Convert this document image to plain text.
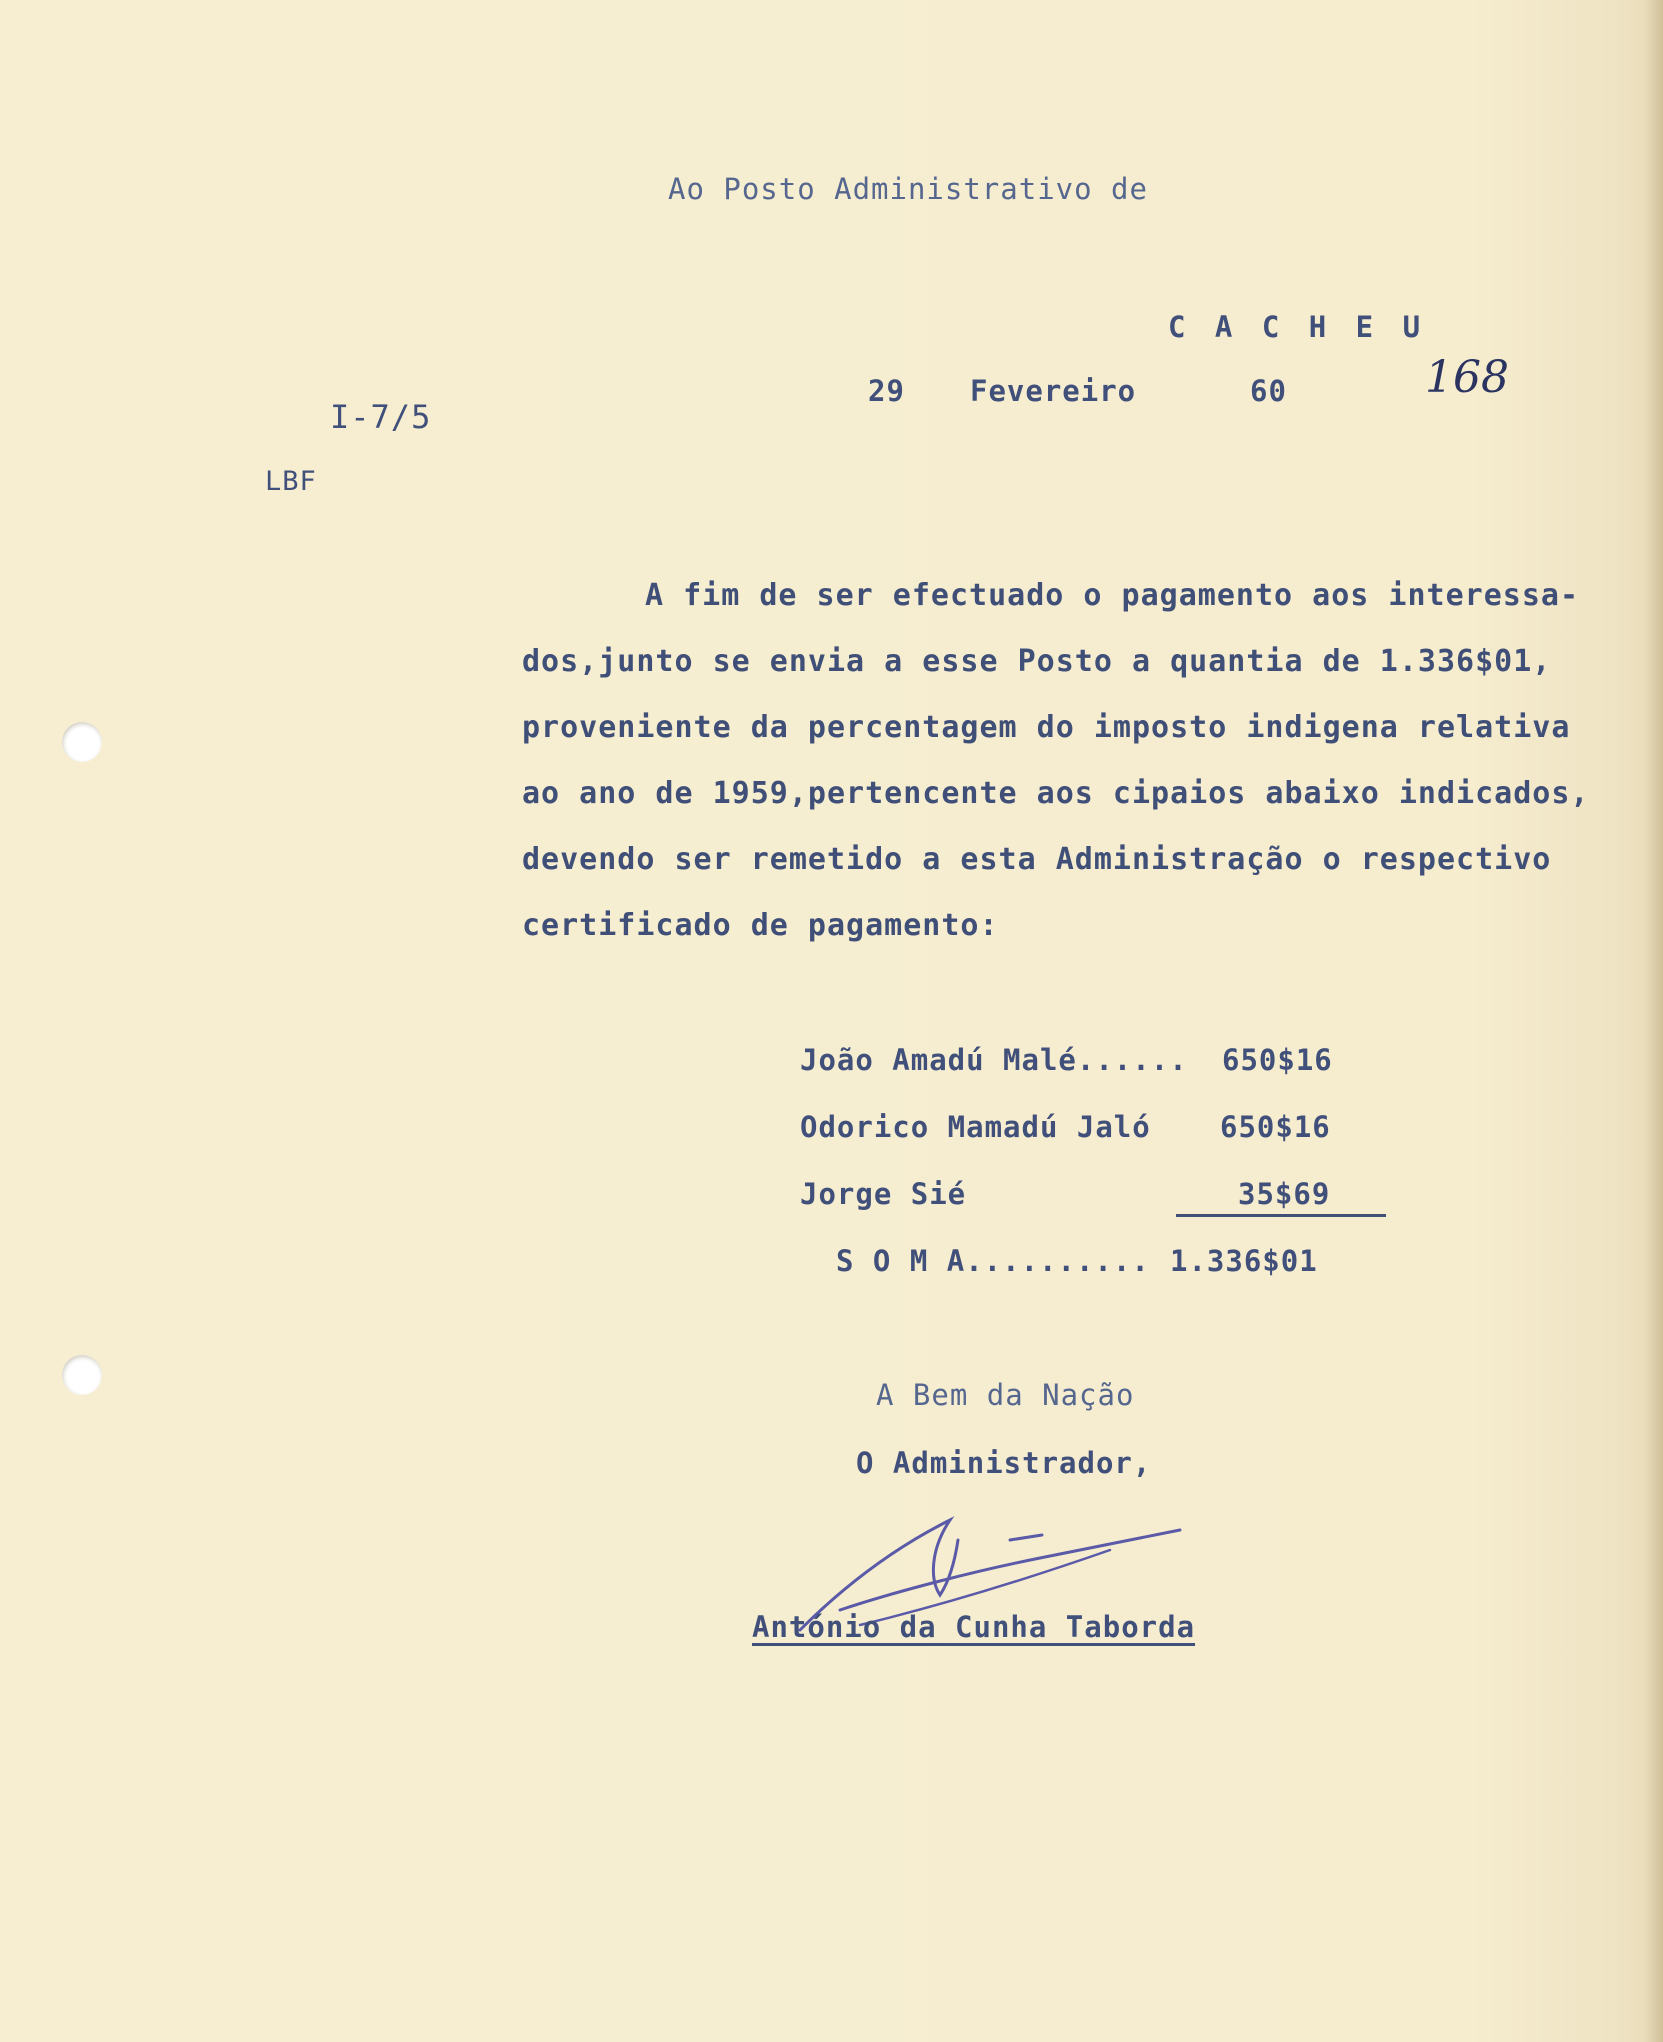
Ao Posto Administrativo de
C A C H E U
29 Fevereiro	60	168
I-7/5
LBF
A fim de ser efectuado o pagamento aos interessa-
dos,junto se envia a esse Posto a quantia de 1.336$01,
proveniente da percentagem do imposto indigena relativa
ao ano de 1959,pertencente aos cipaios abaixo indicados,
devendo ser remetido a esta Administração o respectivo
certificado de pagamento:
João Amadú Malé...... 650$16
Odorico Mamadú Jaló 650$16
Jorge Sié	35$69
S O M A.......... 1.336$01
A Bem da Nação
O Administrador,
António da Cunha Taborda
